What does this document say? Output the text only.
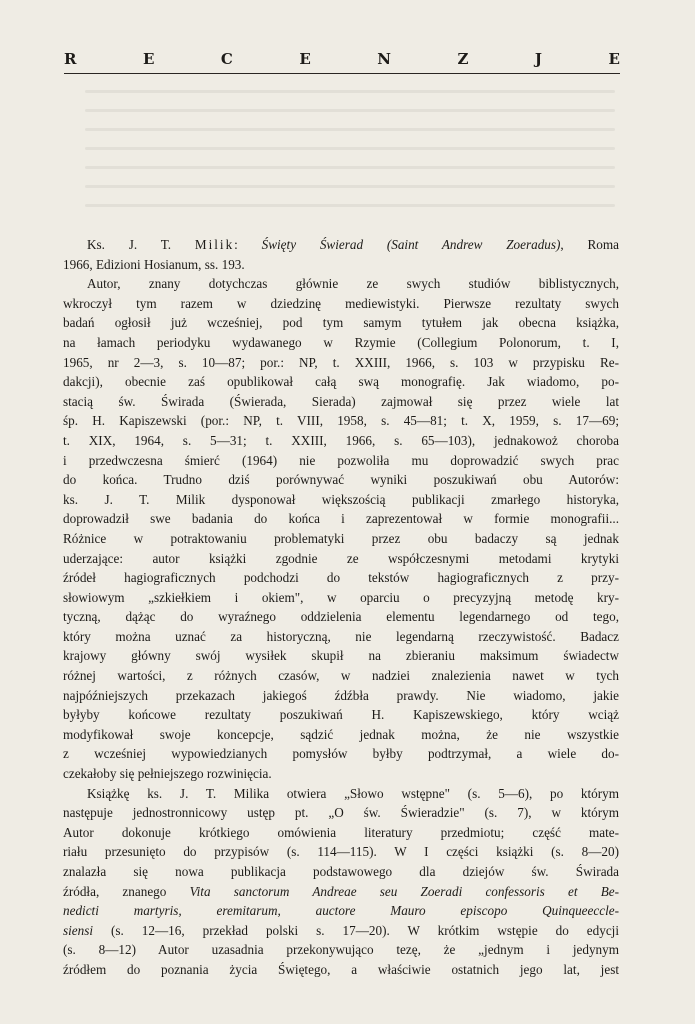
R	E	C	E	N	Z	J	E
Ks. J. T. Milik: Święty Świerad (Saint Andrew Zoeradus), Roma
1966, Edizioni Hosianum, ss. 193.
Autor, znany dotychczas głównie ze swych studiów biblistycznych,
wkroczył tym razem w dziedzinę mediewistyki. Pierwsze rezultaty swych
badań ogłosił już wcześniej, pod tym samym tytułem jak obecna książka,
na łamach periodyku wydawanego w Rzymie (Collegium Polonorum, t. I,
1965, nr 2—3, s. 10—87; por.: NP, t. XXIII, 1966, s. 103 w przypisku Re-
dakcji), obecnie zaś opublikował całą swą monografię. Jak wiadomo, po-
stacią św. Świrada (Świerada, Sierada) zajmował się przez wiele lat
śp. H. Kapiszewski (por.: NP, t. VIII, 1958, s. 45—81; t. X, 1959, s. 17—69;
t. XIX, 1964, s. 5—31; t. XXIII, 1966, s. 65—103), jednakowoż choroba
i przedwczesna śmierć (1964) nie pozwoliła mu doprowadzić swych prac
do końca. Trudno dziś porównywać wyniki poszukiwań obu Autorów:
ks. J. T. Milik dysponował większością publikacji zmarłego historyka,
doprowadził swe badania do końca i zaprezentował w formie monografii...
Różnice w potraktowaniu problematyki przez obu badaczy są jednak
uderzające: autor książki zgodnie ze współczesnymi metodami krytyki
źródeł hagiograficznych podchodzi do tekstów hagiograficznych z przy-
słowiowym „szkiełkiem i okiem", w oparciu o precyzyjną metodę kry-
tyczną, dążąc do wyraźnego oddzielenia elementu legendarnego od tego,
który można uznać za historyczną, nie legendarną rzeczywistość. Badacz
krajowy główny swój wysiłek skupił na zbieraniu maksimum świadectw
różnej wartości, z różnych czasów, w nadziei znalezienia nawet w tych
najpóźniejszych przekazach jakiegoś źdźbła prawdy. Nie wiadomo, jakie
byłyby końcowe rezultaty poszukiwań H. Kapiszewskiego, który wciąż
modyfikował swoje koncepcje, sądzić jednak można, że nie wszystkie
z wcześniej wypowiedzianych pomysłów byłby podtrzymał, a wiele do-
czekałoby się pełniejszego rozwinięcia.
Książkę ks. J. T. Milika otwiera „Słowo wstępne" (s. 5—6), po którym
następuje jednostronnicowy ustęp pt. „O św. Świeradzie" (s. 7), w którym
Autor dokonuje krótkiego omówienia literatury przedmiotu; część mate-
riału przesunięto do przypisów (s. 114—115). W I części książki (s. 8—20)
znalazła się nowa publikacja podstawowego dla dziejów św. Świrada
źródła, znanego Vita sanctorum Andreae seu Zoeradi confessoris et Be-
nedicti martyris, eremitarum, auctore Mauro episcopo Quinqueeccle-
siensi (s. 12—16, przekład polski s. 17—20). W krótkim wstępie do edycji
(s. 8—12) Autor uzasadnia przekonywująco tezę, że „jednym i jedynym
źródłem do poznania życia Świętego, a właściwie ostatnich jego lat, jest
